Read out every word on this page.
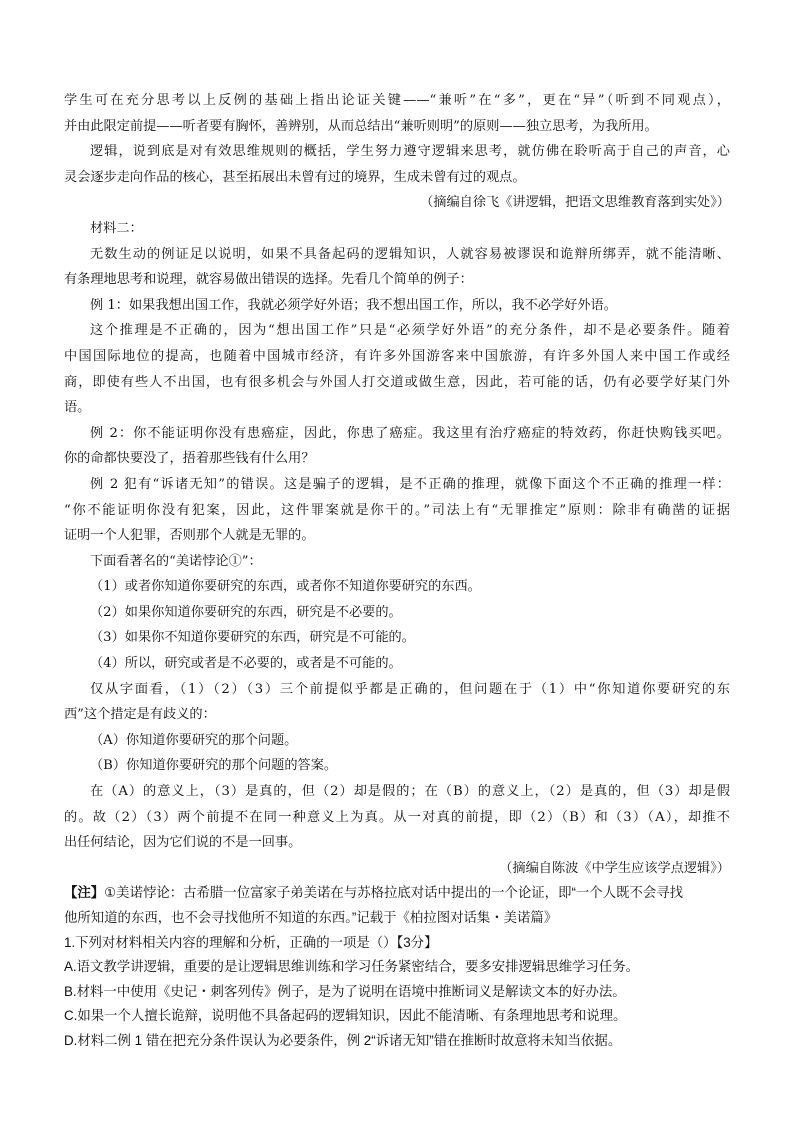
学生可在充分思考以上反例的基础上指出论证关键——“兼听”在“多”，更在“异”（听到不同观点），
并由此限定前提——听者要有胸怀，善辨别，从而总结出“兼听则明”的原则——独立思考，为我所用。
逻辑，说到底是对有效思维规则的概括，学生努力遵守逻辑来思考，就仿佛在聆听高于自己的声音，心
灵会逐步走向作品的核心，甚至拓展出未曾有过的境界，生成未曾有过的观点。
（摘编自徐飞《讲逻辑，把语文思维教育落到实处》）
材料二：
无数生动的例证足以说明，如果不具备起码的逻辑知识，人就容易被谬误和诡辩所绑弄，就不能清晰、
有条理地思考和说理，就容易做出错误的选择。先看几个简单的例子：
例 1：如果我想出国工作，我就必须学好外语；我不想出国工作，所以，我不必学好外语。
这个推理是不正确的，因为“想出国工作”只是“必须学好外语”的充分条件，却不是必要条件。随着
中国国际地位的提高，也随着中国城市经济，有许多外国游客来中国旅游，有许多外国人来中国工作或经
商，即使有些人不出国，也有很多机会与外国人打交道或做生意，因此，若可能的话，仍有必要学好某门外
语。
例 2：你不能证明你没有患癌症，因此，你患了癌症。我这里有治疗癌症的特效药，你赶快购钱买吧。
你的命都快要没了，捂着那些钱有什么用？
例 2 犯有“诉诸无知”的错误。这是骗子的逻辑，是不正确的推理，就像下面这个不正确的推理一样：
“你不能证明你没有犯案，因此，这件罪案就是你干的。”司法上有“无罪推定”原则：除非有确凿的证据
证明一个人犯罪，否则那个人就是无罪的。
下面看著名的“美诺悖论①”：
（1）或者你知道你要研究的东西，或者你不知道你要研究的东西。
（2）如果你知道你要研究的东西，研究是不必要的。
（3）如果你不知道你要研究的东西，研究是不可能的。
（4）所以，研究或者是不必要的，或者是不可能的。
仅从字面看，（1）（2）（3）三个前提似乎都是正确的，但问题在于（1）中“你知道你要研究的东
西”这个措定是有歧义的：
（A）你知道你要研究的那个问题。
（B）你知道你要研究的那个问题的答案。
在（A）的意义上，（3）是真的，但（2）却是假的；在（B）的意义上，（2）是真的，但（3）却是假
的。故（2）（3）两个前提不在同一种意义上为真。从一对真的前提，即（2）（B）和（3）（A），却推不
出任何结论，因为它们说的不是一回事。
（摘编自陈波《中学生应该学点逻辑》）
【注】①美诺悖论：古希腊一位富家子弟美诺在与苏格拉底对话中提出的一个论证，即“一个人既不会寻找
他所知道的东西，也不会寻找他所不知道的东西。”记载于《柏拉图对话集・美诺篇》
1.下列对材料相关内容的理解和分析，正确的一项是（）【3分】
A.语文教学讲逻辑，重要的是让逻辑思维训练和学习任务紧密结合，要多安排逻辑思维学习任务。
B.材料一中使用《史记・刺客列传》例子，是为了说明在语境中推断词义是解读文本的好办法。
C.如果一个人擅长诡辩，说明他不具备起码的逻辑知识，因此不能清晰、有条理地思考和说理。
D.材料二例 1 错在把充分条件误认为必要条件，例 2“诉诸无知”错在推断时故意将未知当依据。
